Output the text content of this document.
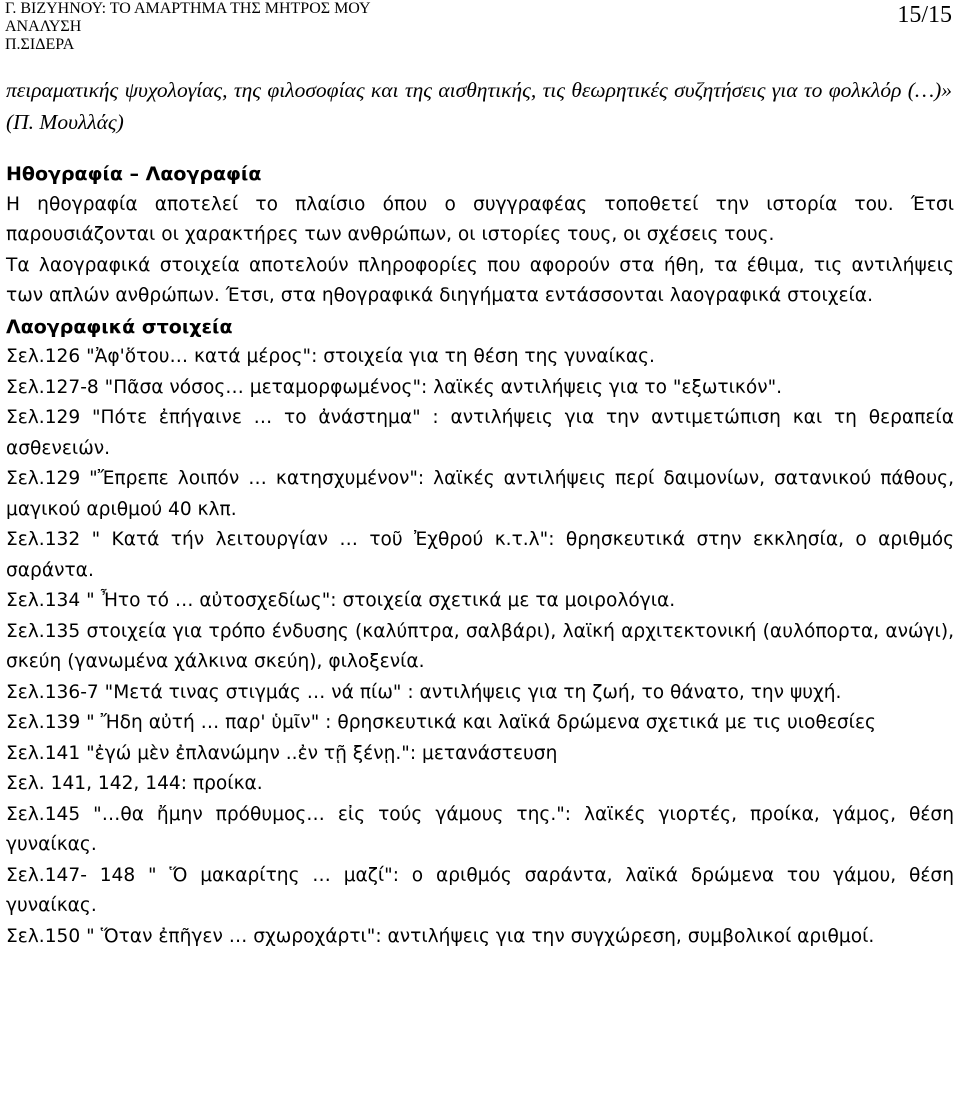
Γ. ΒΙΖΥΗΝΟΥ: ΤΟ ΑΜΑΡΤΗΜΑ ΤΗΣ ΜΗΤΡΟΣ ΜΟΥ
ΑΝΑΛΥΣΗ
Π.ΣΙΔΕΡΑ
15/15
πειραματικής ψυχολογίας, της φιλοσοφίας και της αισθητικής, τις θεωρητικές συζητήσεις για το φολκλόρ (…)» (Π. Μουλλάς)
Ηθογραφία – Λαογραφία
Η ηθογραφία αποτελεί το πλαίσιο όπου ο συγγραφέας τοποθετεί την ιστορία του. Έτσι παρουσιάζονται οι χαρακτήρες των ανθρώπων, οι ιστορίες τους, οι σχέσεις τους.
Τα λαογραφικά στοιχεία αποτελούν πληροφορίες που αφορούν στα ήθη, τα έθιμα, τις αντιλήψεις των απλών ανθρώπων. Έτσι, στα ηθογραφικά διηγήματα εντάσσονται λαογραφικά στοιχεία.
Λαογραφικά στοιχεία
Σελ.126 "Ἀφ'ὅτου… κατά μέρος": στοιχεία για τη θέση της γυναίκας.
Σελ.127-8 "Πᾶσα νόσος… μεταμορφωμένος": λαϊκές αντιλήψεις για το "εξωτικόν".
Σελ.129 "Πότε ἐπήγαινε … το ἀνάστημα" : αντιλήψεις για την αντιμετώπιση και τη θεραπεία ασθενειών.
Σελ.129 "Ἔπρεπε λοιπόν … κατησχυμένον": λαϊκές αντιλήψεις περί δαιμονίων, σατανικού πάθους, μαγικού αριθμού 40 κλπ.
Σελ.132 " Κατά τήν λειτουργίαν … τοῦ Ἐχθρού κ.τ.λ": θρησκευτικά στην εκκλησία, ο αριθμός σαράντα.
Σελ.134 " Ἦτο τό … αὐτοσχεδίως": στοιχεία σχετικά με τα μοιρολόγια.
Σελ.135 στοιχεία για τρόπο ένδυσης (καλύπτρα, σαλβάρι), λαϊκή αρχιτεκτονική (αυλόπορτα, ανώγι), σκεύη (γανωμένα χάλκινα σκεύη), φιλοξενία.
Σελ.136-7 "Μετά τινας στιγμάς … νά πίω" : αντιλήψεις για τη ζωή, το θάνατο, την ψυχή.
Σελ.139 " Ἤδη αὐτή … παρ' ὑμῖν" : θρησκευτικά και λαϊκά δρώμενα σχετικά με τις υιοθεσίες
Σελ.141 "ἐγώ μὲν ἐπλανώμην ..ἐν τῇ ξένῃ.": μετανάστευση
Σελ. 141, 142, 144: προίκα.
Σελ.145 "…θα ἤμην πρόθυμος… εἰς τούς γάμους της.": λαϊκές γιορτές, προίκα, γάμος, θέση γυναίκας.
Σελ.147- 148 " Ὅ μακαρίτης … μαζί": ο αριθμός σαράντα, λαϊκά δρώμενα του γάμου, θέση γυναίκας.
Σελ.150 " Ὅταν ἐπῆγεν … σχωροχάρτι": αντιλήψεις για την συγχώρεση, συμβολικοί αριθμοί.
